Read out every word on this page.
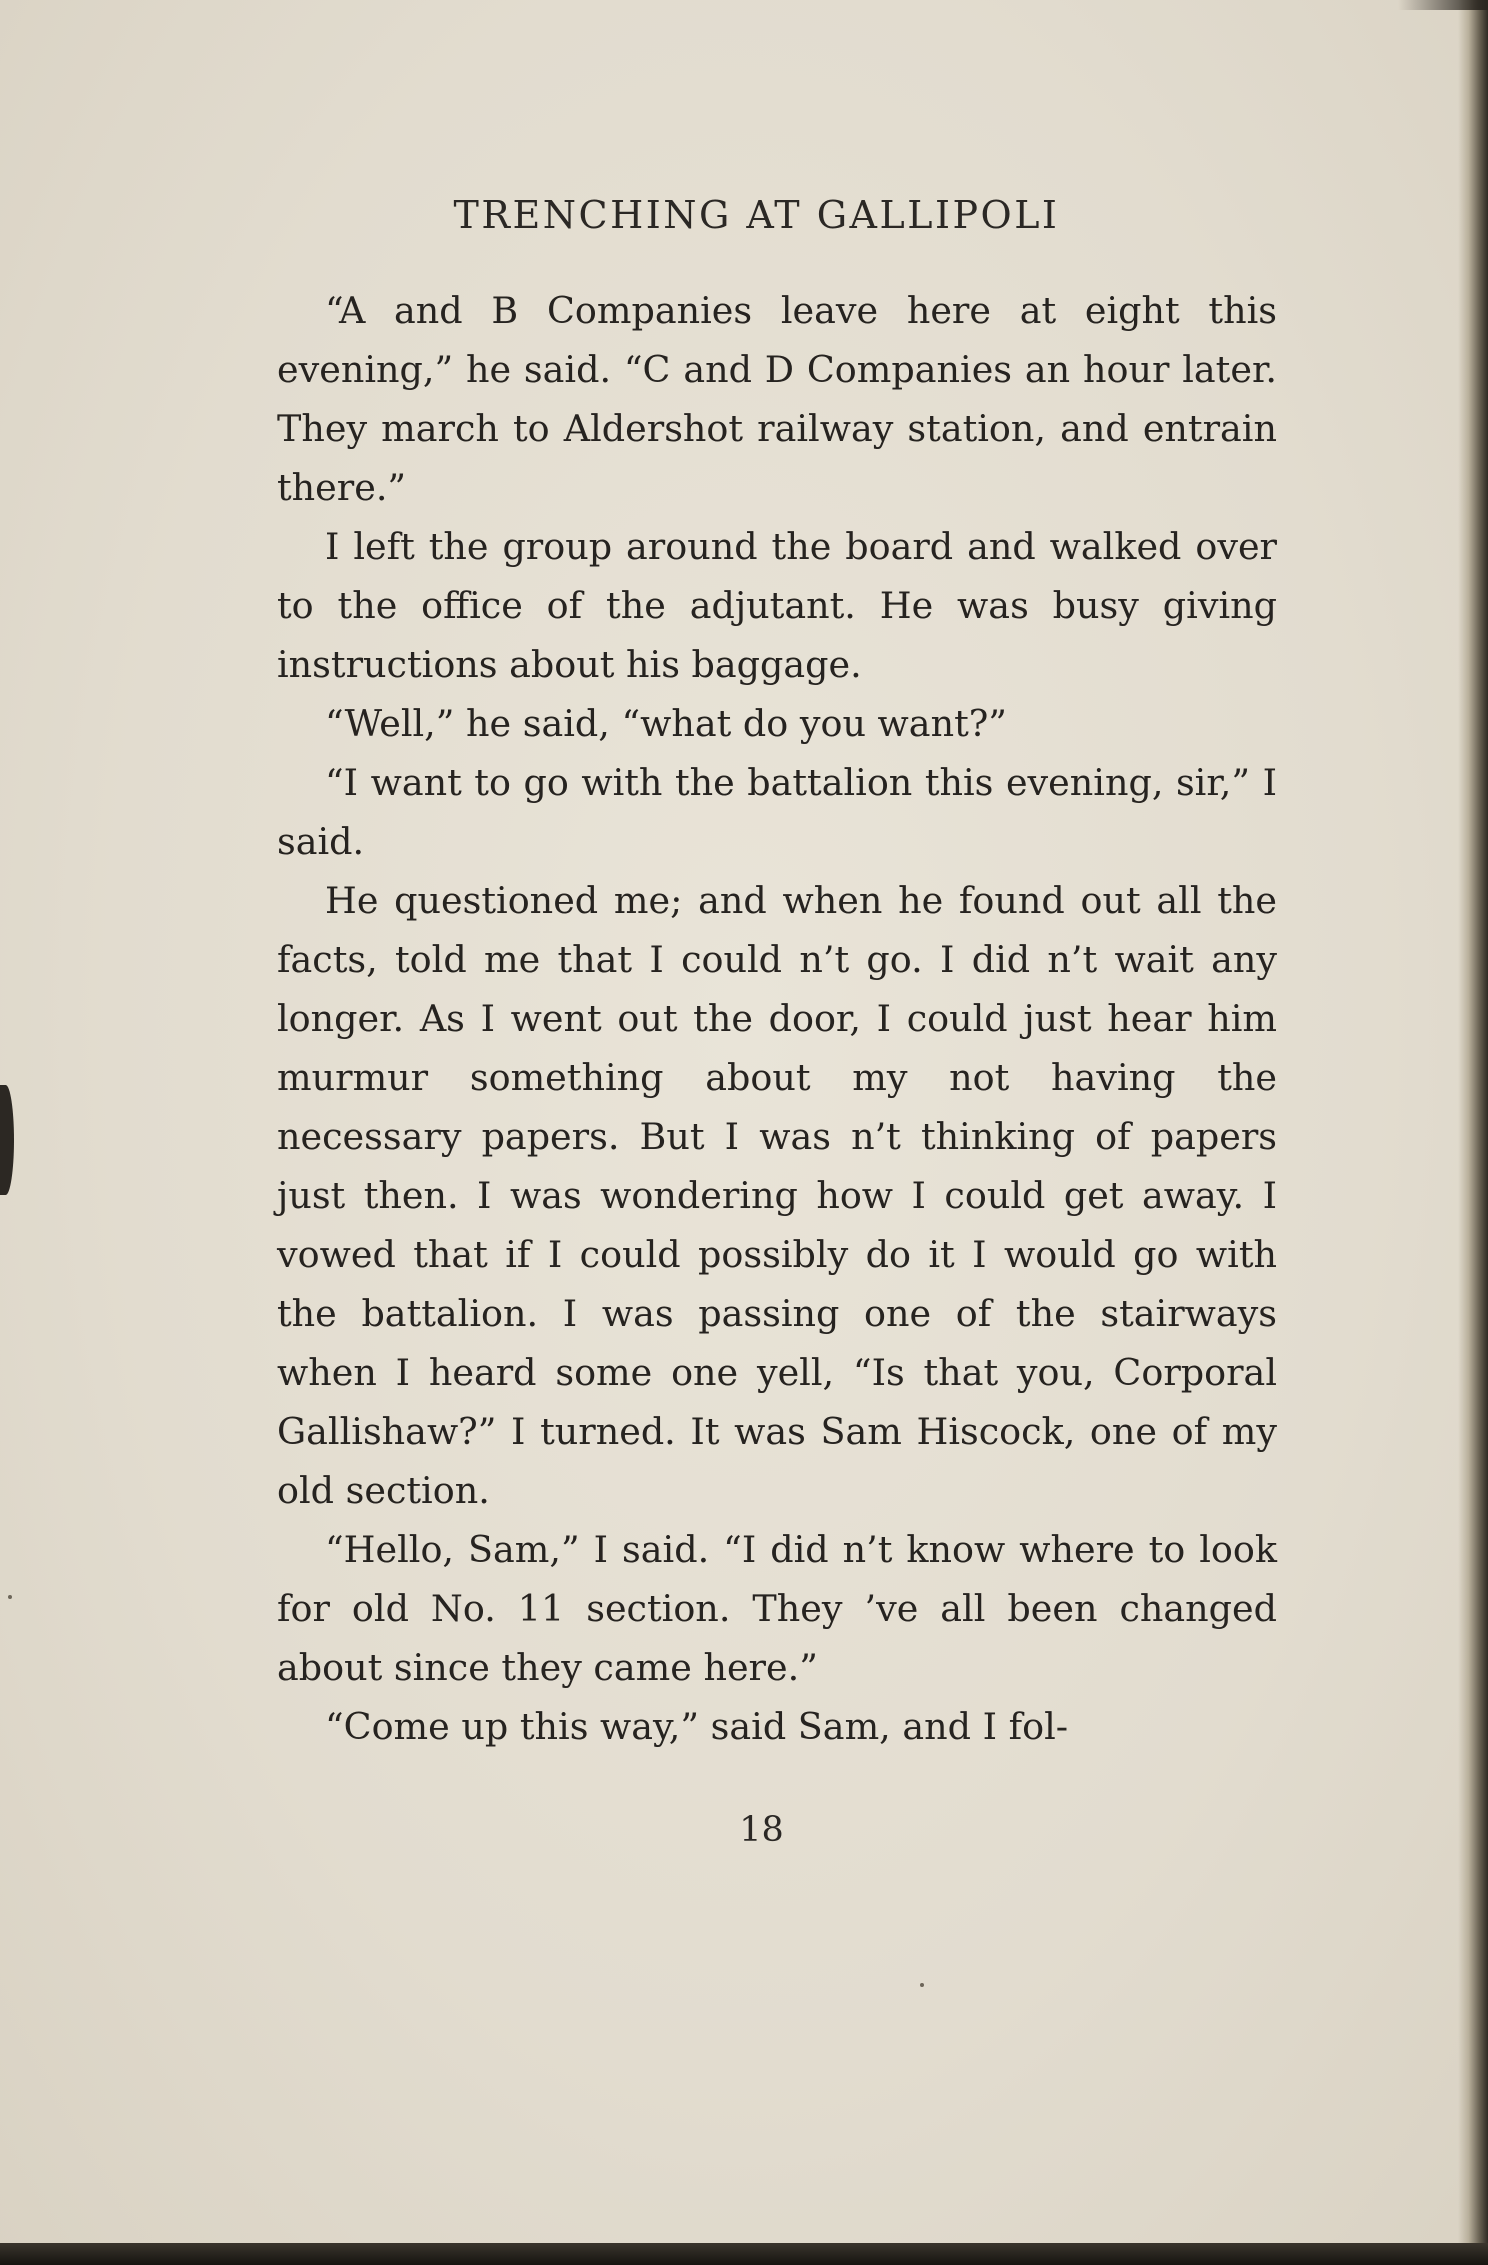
TRENCHING AT GALLIPOLI

“A and B Companies leave here at eight this evening,” he said. “C and D Companies an hour later. They march to Aldershot railway station, and entrain there.”

I left the group around the board and walked over to the office of the adjutant. He was busy giving instructions about his baggage.

“Well,” he said, “what do you want?”

“I want to go with the battalion this evening, sir,” I said.

He questioned me; and when he found out all the facts, told me that I could n’t go. I did n’t wait any longer. As I went out the door, I could just hear him murmur something about my not having the necessary papers. But I was n’t thinking of papers just then. I was wondering how I could get away. I vowed that if I could possibly do it I would go with the battalion. I was passing one of the stairways when I heard some one yell, “Is that you, Corporal Gallishaw?” I turned. It was Sam Hiscock, one of my old section.

“Hello, Sam,” I said. “I did n’t know where to look for old No. 11 section. They ’ve all been changed about since they came here.”

“Come up this way,” said Sam, and I fol-

18
